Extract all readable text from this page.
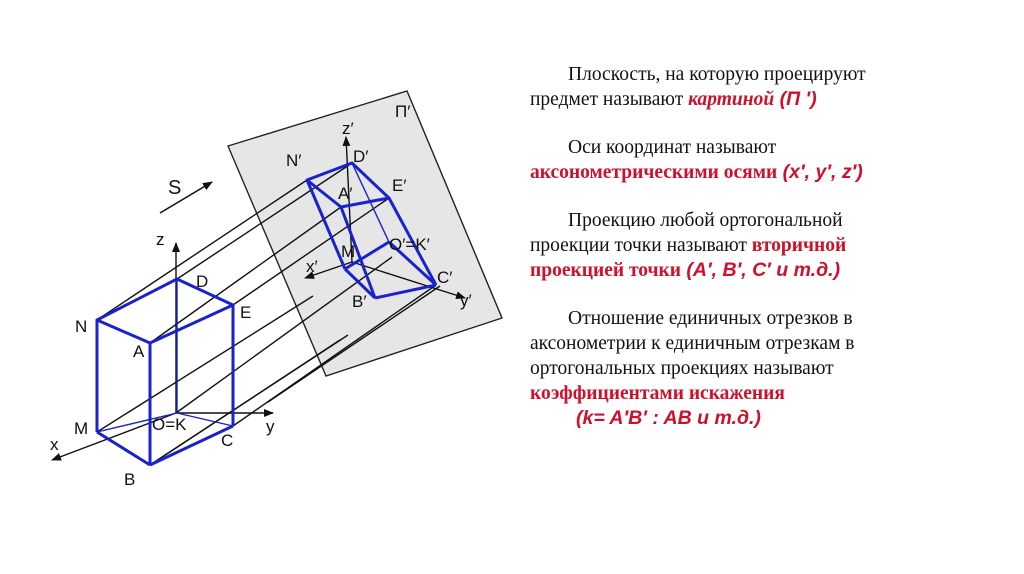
П′
S
z
y
x
N
A
D
E
M
B
C
O=K
z′
y′
x′
N′	D′
A′ E′
M O′=K′
B′
C′

Плоскость, на которую проецируют
предмет называют картиной (П ′)

Оси координат называют
аксонометрическими осями (x′, y′, z′)

Проекцию любой ортогональной
проекции точки называют вторичной
проекцией точки (A′, B′, C′ и т.д.)

Отношение единичных отрезков в
аксонометрии к единичным отрезкам в
ортогональных проекциях называют
коэффициентами искажения

(k= A′B′ : AB и т.д.)
